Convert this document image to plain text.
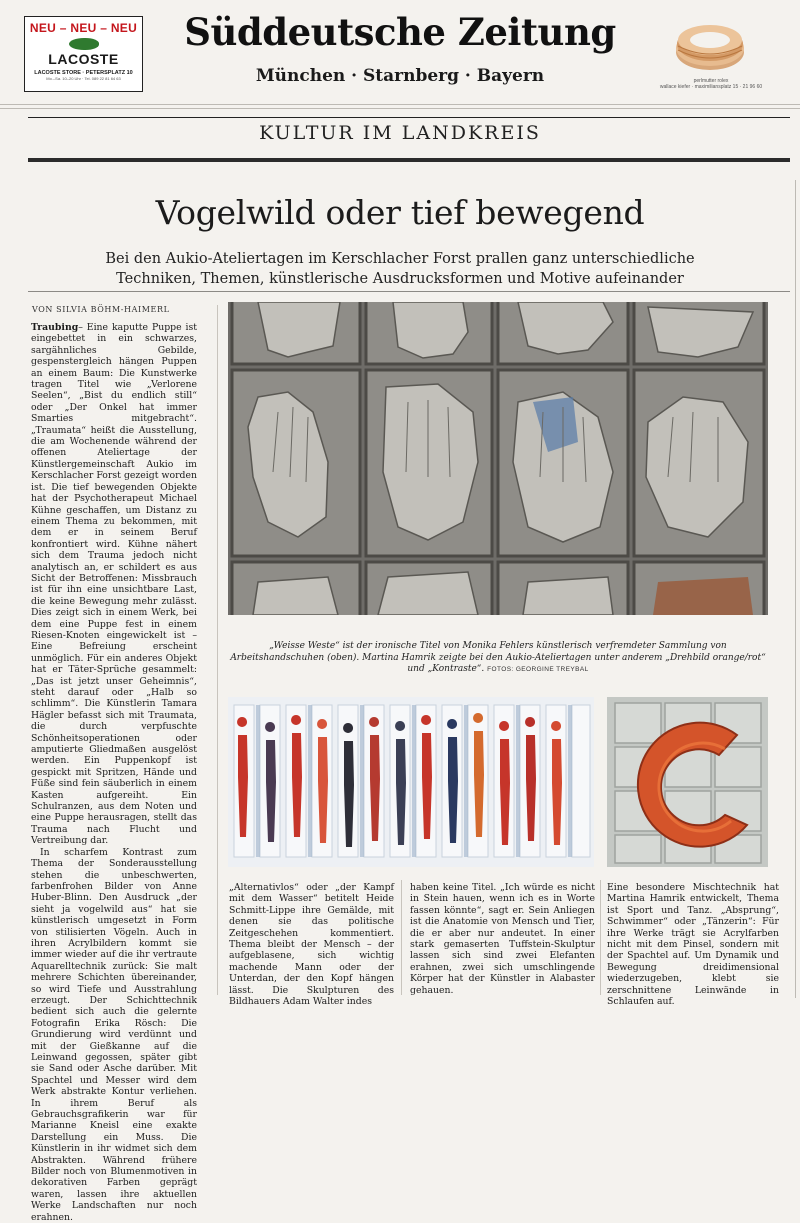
NEU – NEU – NEU
LACOSTE
LACOSTE STORE · PETERSPLATZ 10
Mo.–Sa. 10–20 Uhr · Tel. 089 22 81 64 63
Süddeutsche Zeitung
München · Starnberg · Bayern	perlmutter rolex
wallace kiefer · maximiliansplatz 15 · 21 96 60
KULTUR IM LANDKREIS
Vogelwild oder tief bewegend
Bei den Aukio-Ateliertagen im Kerschlacher Forst prallen ganz unterschiedliche Techniken, Themen, künstlerische Ausdrucksformen und Motive aufeinander
VON SILVIA BÖHM-HAIMERL

Traubing– Eine kaputte Puppe ist eingebettet in ein schwarzes, sargähnliches Gebilde, gespenstergleich hängen Puppen an einem Baum: Die Kunstwerke tragen Titel wie „Verlorene Seelen“, „Bist du endlich still“ oder „Der Onkel hat immer Smarties mitgebracht“. „Traumata“ heißt die Ausstellung, die am Wochenende während der offenen Ateliertage der Künstlergemeinschaft Aukio im Kerschlacher Forst gezeigt worden ist. Die tief bewegenden Objekte hat der Psychotherapeut Michael Kühne geschaffen, um Distanz zu einem Thema zu bekommen, mit dem er in seinem Beruf konfrontiert wird. Kühne nähert sich dem Trauma jedoch nicht analytisch an, er schildert es aus Sicht der Betroffenen: Missbrauch ist für ihn eine unsichtbare Last, die keine Bewegung mehr zulässt. Dies zeigt sich in einem Werk, bei dem eine Puppe fest in einem Riesen-Knoten eingewickelt ist – Eine Befreiung erscheint unmöglich. Für ein anderes Objekt hat er Täter-Sprüche gesammelt: „Das ist jetzt unser Geheimnis“, steht darauf oder „Halb so schlimm“. Die Künstlerin Tamara Hägler befasst sich mit Traumata, die durch verpfuschte Schönheitsoperationen oder amputierte Gliedmaßen ausgelöst werden. Ein Puppenkopf ist gespickt mit Spritzen, Hände und Füße sind fein säuberlich in einem Kasten aufgereiht. Ein Schulranzen, aus dem Noten und eine Puppe herausragen, stellt das Trauma nach Flucht und Vertreibung dar.

In scharfem Kontrast zum Thema der Sonderausstellung stehen die unbeschwerten, farbenfrohen Bilder von Anne Huber-Blinn. Den Ausdruck „der sieht ja vogelwild aus“ hat sie künstlerisch umgesetzt in Form von stilisierten Vögeln. Auch in ihren Acrylbildern kommt sie immer wieder auf die ihr vertraute Aquarelltechnik zurück: Sie malt mehrere Schichten übereinander, so wird Tiefe und Ausstrahlung erzeugt. Der Schichttechnik bedient sich auch die gelernte Fotografin Erika Rösch: Die Grundierung wird verdünnt und mit der Gießkanne auf die Leinwand gegossen, später gibt sie Sand oder Asche darüber. Mit Spachtel und Messer wird dem Werk abstrakte Kontur verliehen. In ihrem Beruf als Gebrauchsgrafikerin war für Marianne Kneisl eine exakte Darstellung ein Muss. Die Künstlerin in ihr widmet sich dem Abstrakten. Während frühere Bilder noch von Blumenmotiven in dekorativen Farben geprägt waren, lassen ihre aktuellen Werke Landschaften nur noch erahnen.

„Weisse Weste“ ist der ironische Titel von Monika Fehlers künstlerisch verfremdeter Sammlung von Arbeitshandschuhen (oben). Martina Hamrik zeigte bei den Aukio-Ateliertagen unter anderem „Drehbild orange/rot“ und „Kontraste“. FOTOS: GEORGINE TREYBAL

„Alternativlos“ oder „der Kampf mit dem Wasser“ betitelt Heide Schmitt-Lippe ihre Gemälde, mit denen sie das politische Zeitgeschehen kommentiert. Thema bleibt der Mensch – der aufgeblasene, sich wichtig machende Mann oder der Unterdan, der den Kopf hängen lässt. Die Skulpturen des Bildhauers Adam Walter indes

haben keine Titel. „Ich würde es nicht in Stein hauen, wenn ich es in Worte fassen könnte“, sagt er. Sein Anliegen ist die Anatomie von Mensch und Tier, die er aber nur andeutet. In einer stark gemaserten Tuffstein-Skulptur lassen sich sind zwei Elefanten erahnen, zwei sich umschlingende Körper hat der Künstler in Alabaster gehauen.

Eine besondere Mischtechnik hat Martina Hamrik entwickelt, Thema ist Sport und Tanz. „Absprung“, Schwimmer“ oder „Tänzerin“: Für ihre Werke trägt sie Acrylfarben nicht mit dem Pinsel, sondern mit der Spachtel auf. Um Dynamik und Bewegung dreidimensional wiederzugeben, klebt sie zerschnittene Leinwände in Schlaufen auf.
